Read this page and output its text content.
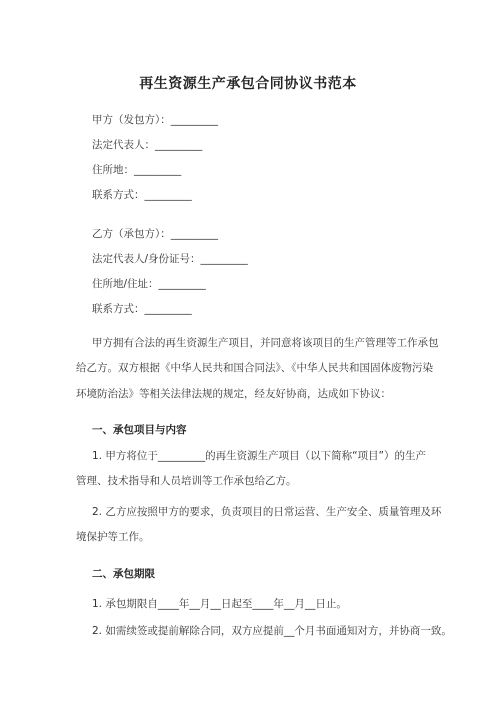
再生资源生产承包合同协议书范本
甲方（发包方）：_________
法定代表人：_________
住所地：_________
联系方式：_________
乙方（承包方）：_________
法定代表人/身份证号：_________
住所地/住址：_________
联系方式：_________
甲方拥有合法的再生资源生产项目，并同意将该项目的生产管理等工作承包
给乙方。双方根据《中华人民共和国合同法》、《中华人民共和国固体废物污染
环境防治法》等相关法律法规的规定，经友好协商，达成如下协议：
一、承包项目与内容
1. 甲方将位于_________的再生资源生产项目（以下简称“项目”）的生产
管理、技术指导和人员培训等工作承包给乙方。
2. 乙方应按照甲方的要求，负责项目的日常运营、生产安全、质量管理及环
境保护等工作。
二、承包期限
1. 承包期限自____年__月__日起至____年__月__日止。
2. 如需续签或提前解除合同，双方应提前__个月书面通知对方，并协商一致。
